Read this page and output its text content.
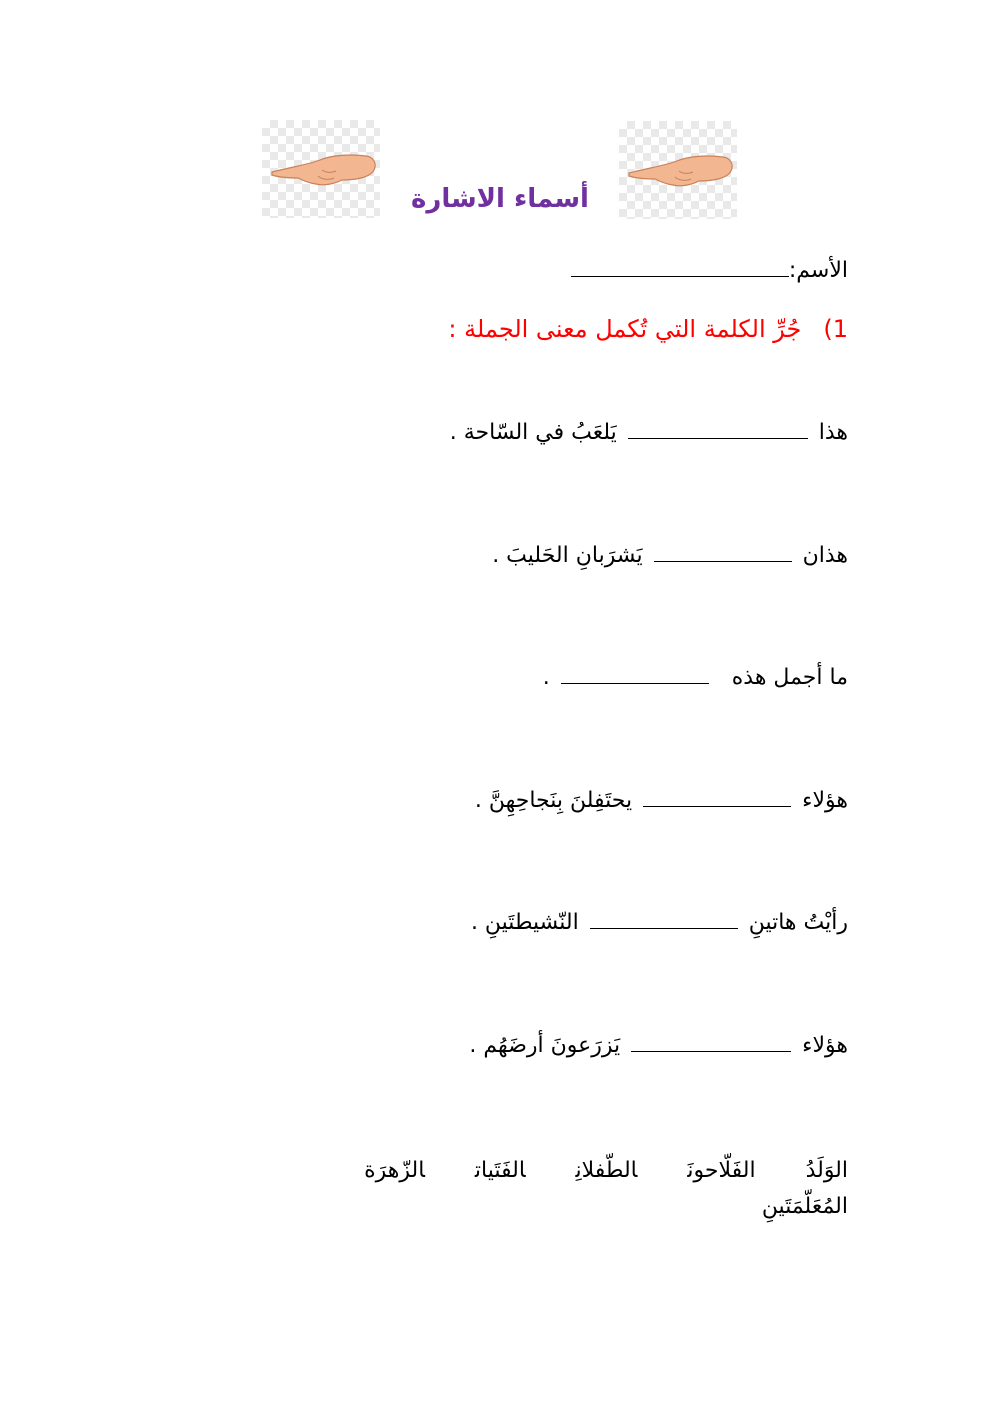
أسماء الاشارة
الأسم:
1)جُرِّ الكلمة التي تُكمل معنى الجملة :
هذا  يَلعَبُ في السّاحة .
هذان  يَشرَبانِ الحَليبَ .
ما أجمل هذه  .
هؤلاء  يحتَفِلنَ بِنَجاحِهِنَّ .
رأيْتُ هاتينِ  النّشيطتَينِ .
هؤلاء  يَزرَعونَ أرضَهُم .
الوَلَدُالفَلّاحونَالطّفلانِالفَتَياتالزّهرَة
المُعَلّمَتَينِ
